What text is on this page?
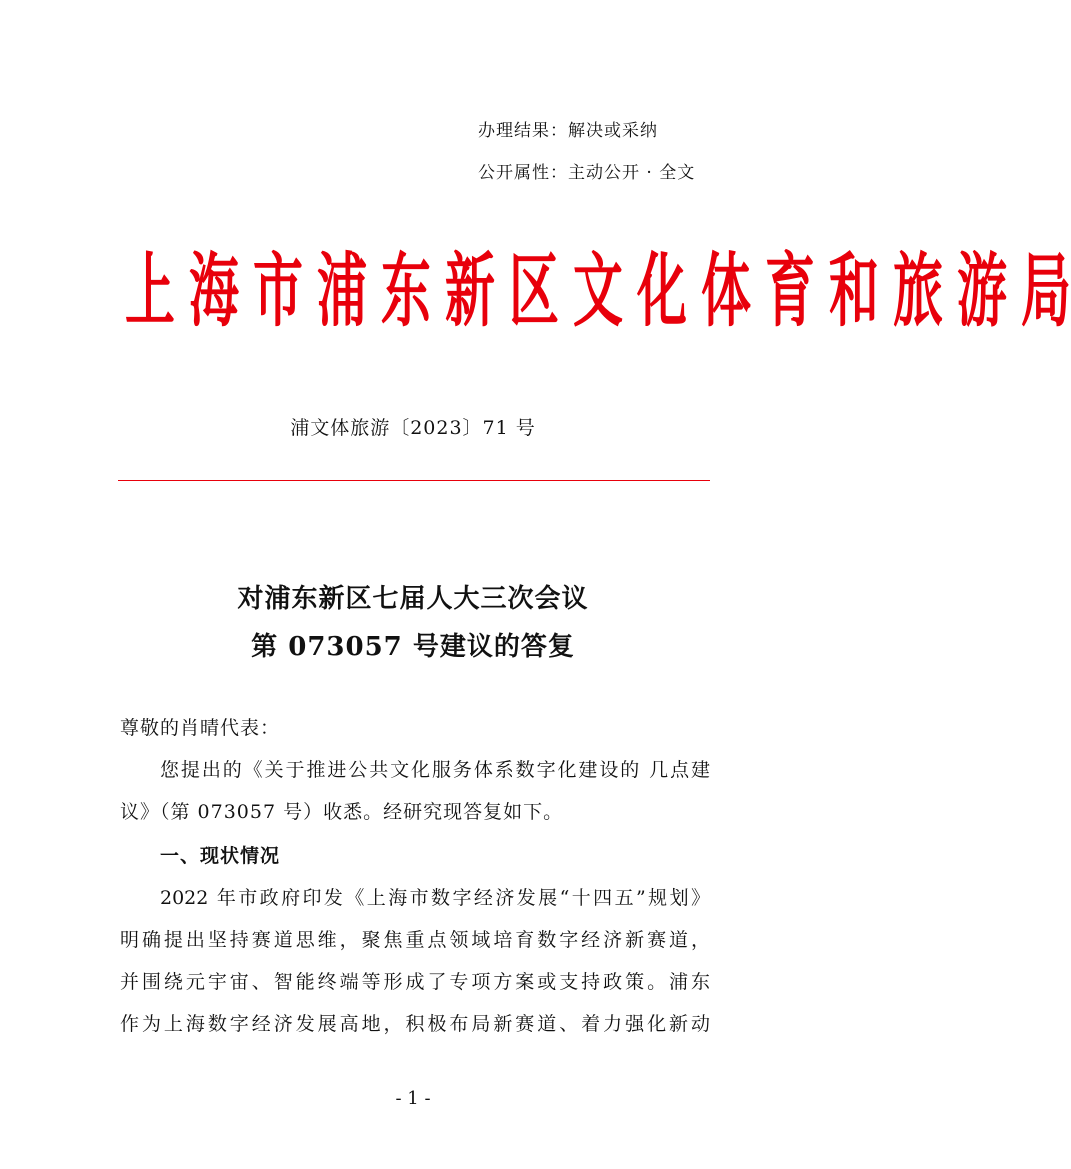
办理结果：解决或采纳
公开属性：主动公开 · 全文
上 海 市 浦 东 新 区 文 化 体 育 和 旅 游 局
浦文体旅游〔2023〕71 号
对浦东新区七届人大三次会议
第 073057 号建议的答复
尊敬的肖晴代表：
您提出的《关于推进公共文化服务体系数字化建设的 几点建
议》（第 073057 号）收悉。经研究现答复如下。
一、现状情况
2022 年市政府印发《上海市数字经济发展“十四五”规划》
明确提出坚持赛道思维，聚焦重点领域培育数字经济新赛道，
并围绕元宇宙、智能终端等形成了专项方案或支持政策。浦东
作为上海数字经济发展高地，积极布局新赛道、着力强化新动
- 1 -
